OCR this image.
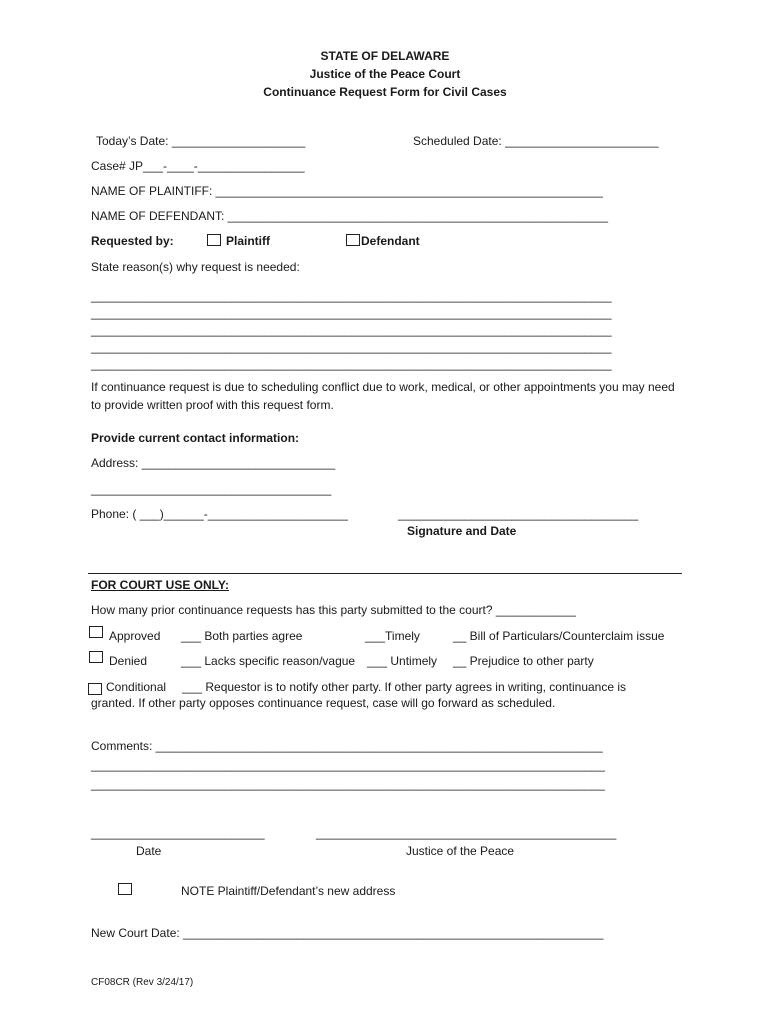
STATE OF DELAWARE
Justice of the Peace Court
Continuance Request Form for Civil Cases
Today’s Date: ____________________	Scheduled Date: _______________________
Case# JP___-____-________________
NAME OF PLAINTIFF: __________________________________________________________
NAME OF DEFENDANT: _________________________________________________________
Requested by:	Plaintiff	Defendant
State reason(s) why request is needed:
______________________________________________________________________________
______________________________________________________________________________
______________________________________________________________________________
______________________________________________________________________________
______________________________________________________________________________
If continuance request is due to scheduling conflict due to work, medical, or other appointments you may need to provide written proof with this request form.
Provide current contact information:
Address: _____________________________
____________________________________
Phone: ( ___)______-_____________________	____________________________________
Signature and Date
FOR COURT USE ONLY:
How many prior continuance requests has this party submitted to the court? ____________
Approved ___ Both parties agree	___Timely	__ Bill of Particulars/Counterclaim issue
Denied	___ Lacks specific reason/vague ___ Untimely __ Prejudice to other party
Conditional ___ Requestor is to notify other party. If other party agrees in writing, continuance is
granted. If other party opposes continuance request, case will go forward as scheduled.
Comments: ___________________________________________________________________
_____________________________________________________________________________
_____________________________________________________________________________
__________________________	_____________________________________________
Date	Justice of the Peace
NOTE Plaintiff/Defendant’s new address
New Court Date: _______________________________________________________________
CF08CR (Rev 3/24/17)
